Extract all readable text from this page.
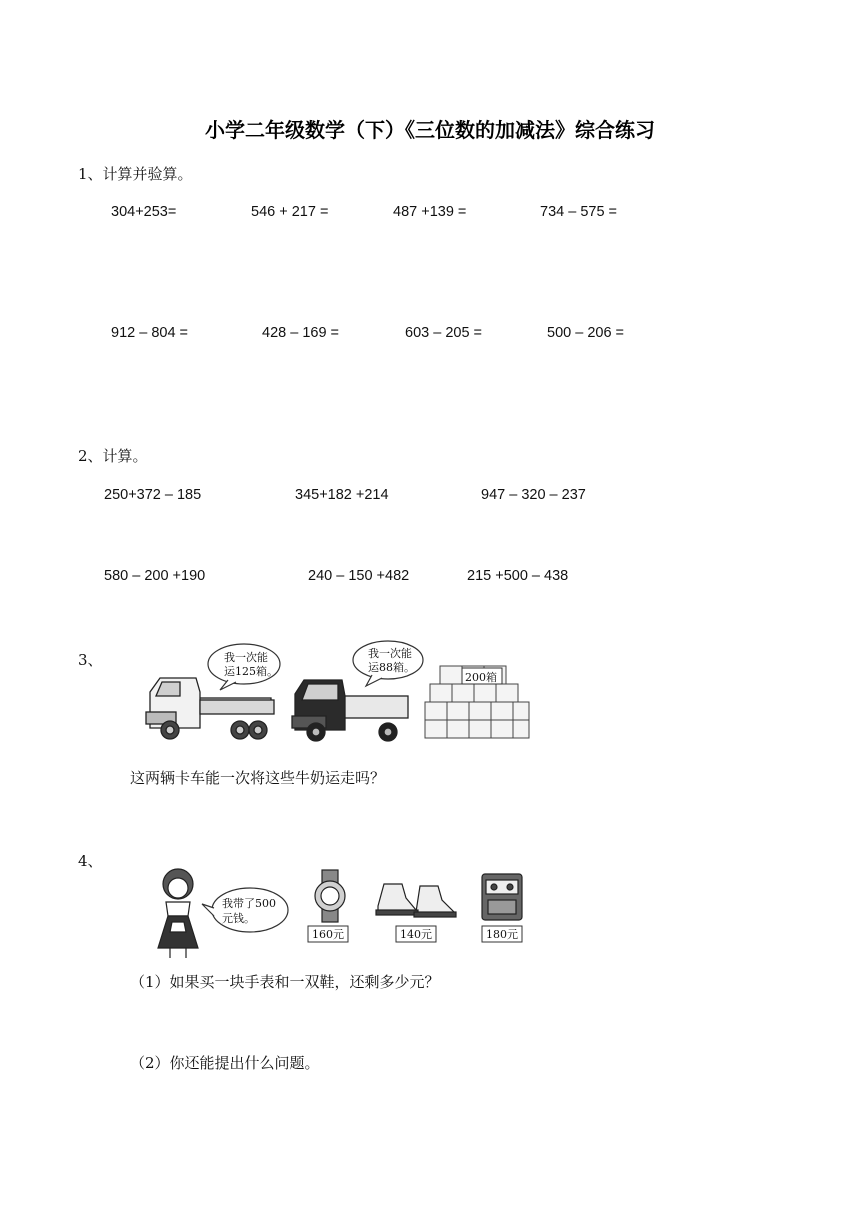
小学二年级数学（下）《三位数的加减法》综合练习
1、计算并验算。
304+253=	546 + 217 =	487 +139 =	734 – 575 =
912 – 804 =	428 – 169 =	603 – 205 =	500 – 206 =
2、计算。
250+372 – 185	345+182 +214	947 – 320 – 237
580 – 200 +190	240 – 150 +482	215 +500 – 438
3、	我一次能
运125箱。
我一次能
运88箱。
200箱
这两辆卡车能一次将这些牛奶运走吗？
4、
我带了500
元钱。
160元	140元	180元
（1）如果买一块手表和一双鞋，还剩多少元？
（2）你还能提出什么问题。
